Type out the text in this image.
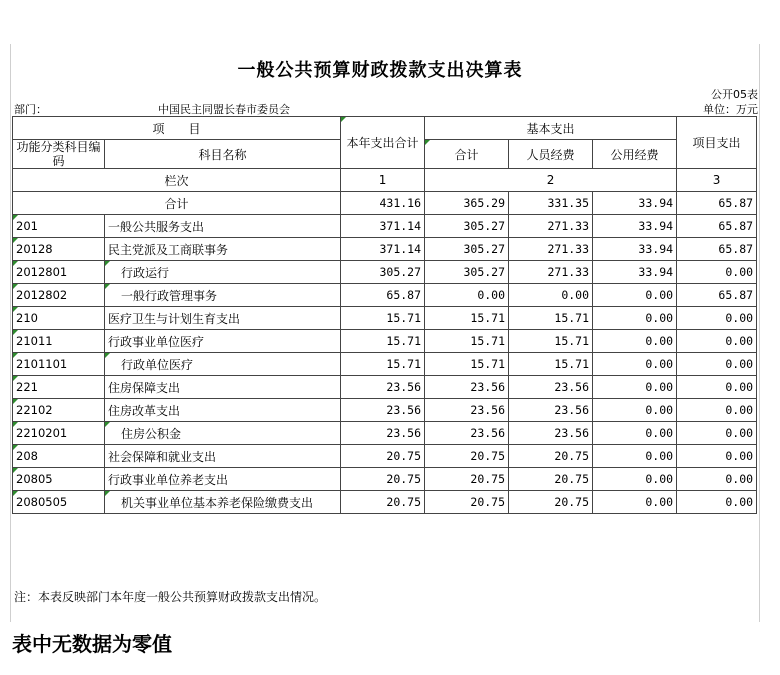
一般公共预算财政拨款支出决算表
公开05表
部门：	中国民主同盟长春市委员会	单位：万元
项　　目		本年支出合计	基本支出			项目支出
功能分类科目编码	科目名称				
			合计	人员经费	公用经费	
栏次		1	2			3
合计		431.16	365.29	331.35	33.94	65.87
201	一般公共服务支出	371.14	305.27	271.33	33.94	65.87
20128	民主党派及工商联事务	371.14	305.27	271.33	33.94	65.87
2012801	行政运行	305.27	305.27	271.33	33.94	0.00
2012802	一般行政管理事务	65.87	0.00	0.00	0.00	65.87
210	医疗卫生与计划生育支出	15.71	15.71	15.71	0.00	0.00
21011	行政事业单位医疗	15.71	15.71	15.71	0.00	0.00
2101101	行政单位医疗	15.71	15.71	15.71	0.00	0.00
221	住房保障支出	23.56	23.56	23.56	0.00	0.00
22102	住房改革支出	23.56	23.56	23.56	0.00	0.00
2210201	住房公积金	23.56	23.56	23.56	0.00	0.00
208	社会保障和就业支出	20.75	20.75	20.75	0.00	0.00
20805	行政事业单位养老支出	20.75	20.75	20.75	0.00	0.00
2080505	机关事业单位基本养老保险缴费支出	20.75	20.75	20.75	0.00	0.00
注：本表反映部门本年度一般公共预算财政拨款支出情况。
表中无数据为零值
